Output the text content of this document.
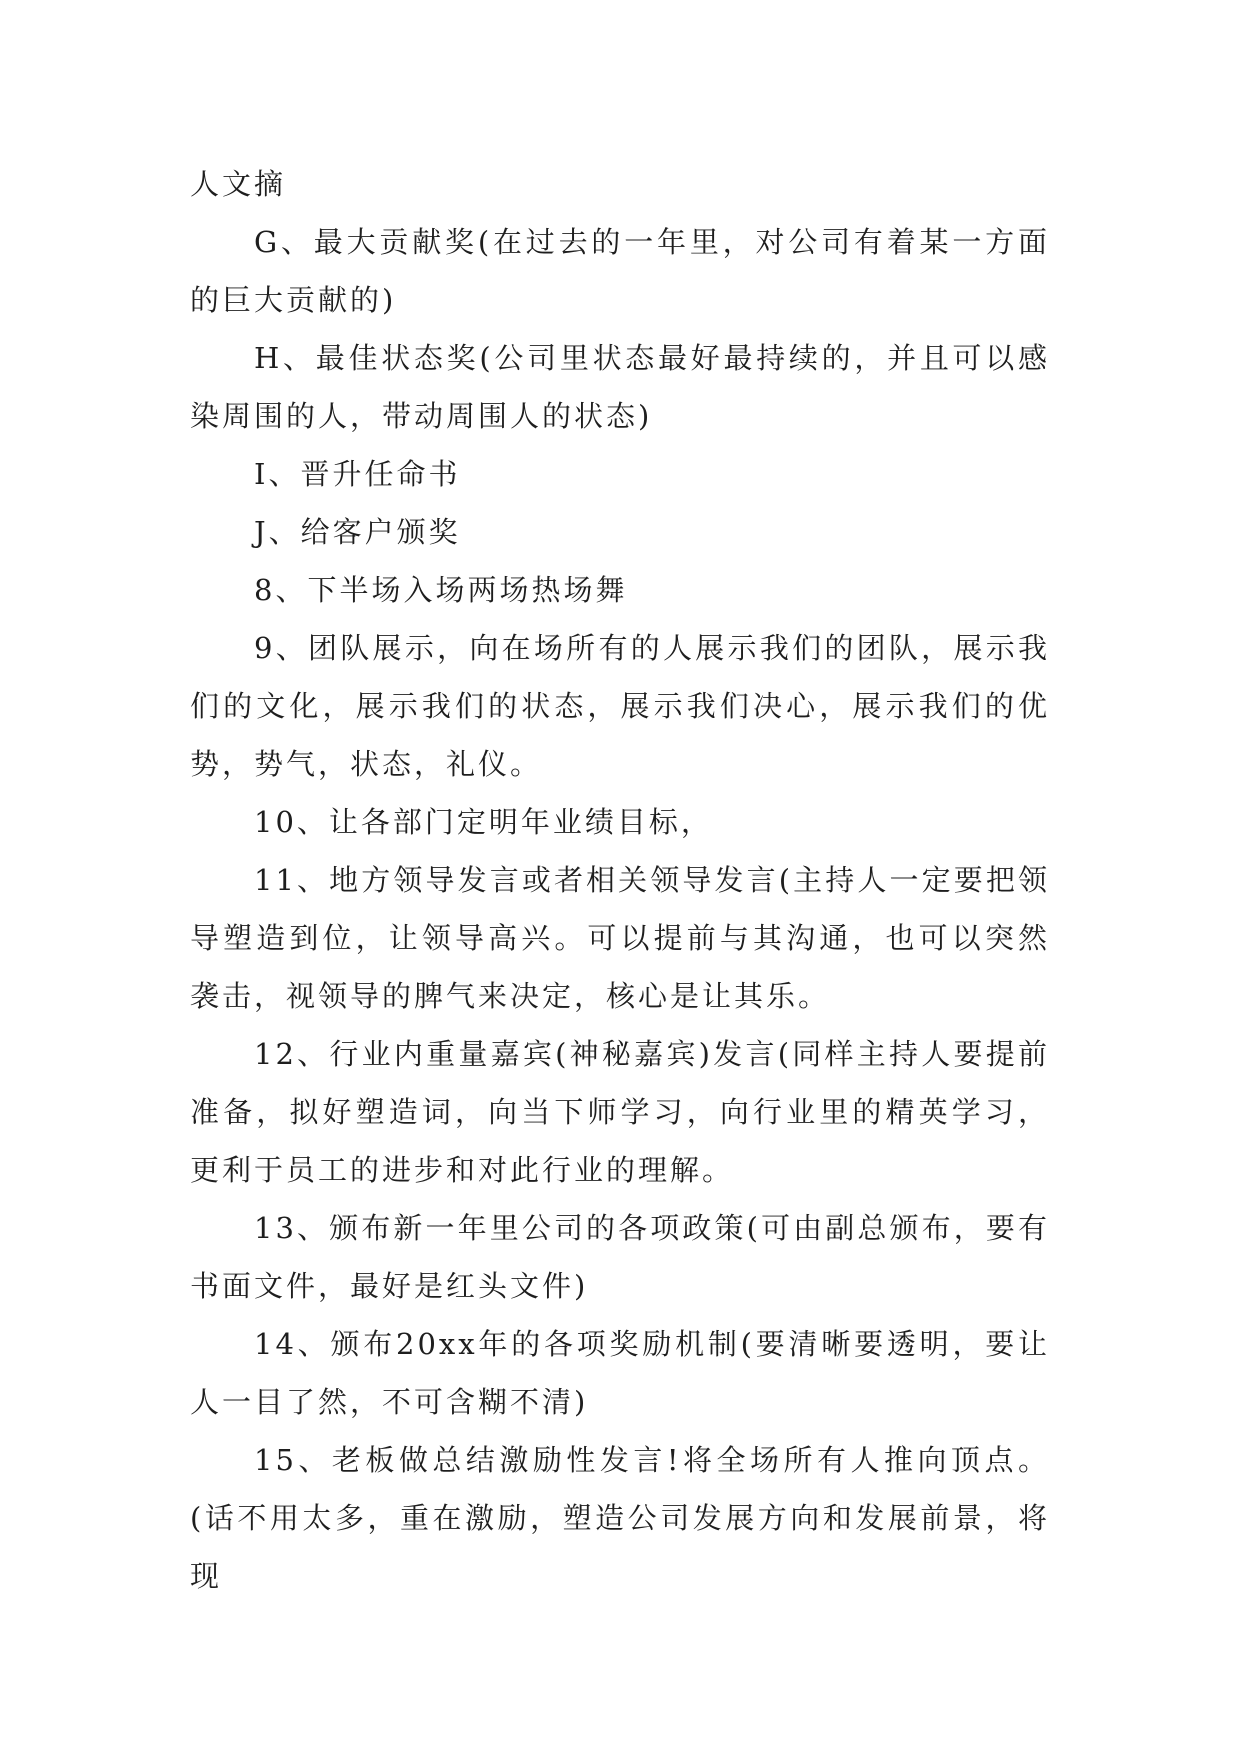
人文摘

G、最大贡献奖(在过去的一年里，对公司有着某一方面的巨大贡献的)

H、最佳状态奖(公司里状态最好最持续的，并且可以感染周围的人，带动周围人的状态)

I、晋升任命书

J、给客户颁奖

8、下半场入场两场热场舞

9、团队展示，向在场所有的人展示我们的团队，展示我们的文化，展示我们的状态，展示我们决心，展示我们的优势，势气，状态，礼仪。

10、让各部门定明年业绩目标，

11、地方领导发言或者相关领导发言(主持人一定要把领导塑造到位，让领导高兴。可以提前与其沟通，也可以突然袭击，视领导的脾气来决定，核心是让其乐。

12、行业内重量嘉宾(神秘嘉宾)发言(同样主持人要提前准备，拟好塑造词，向当下师学习，向行业里的精英学习，更利于员工的进步和对此行业的理解。

13、颁布新一年里公司的各项政策(可由副总颁布，要有书面文件，最好是红头文件)

14、颁布20xx年的各项奖励机制(要清晰要透明，要让人一目了然，不可含糊不清)

15、老板做总结激励性发言!将全场所有人推向顶点。(话不用太多，重在激励，塑造公司发展方向和发展前景，将现
